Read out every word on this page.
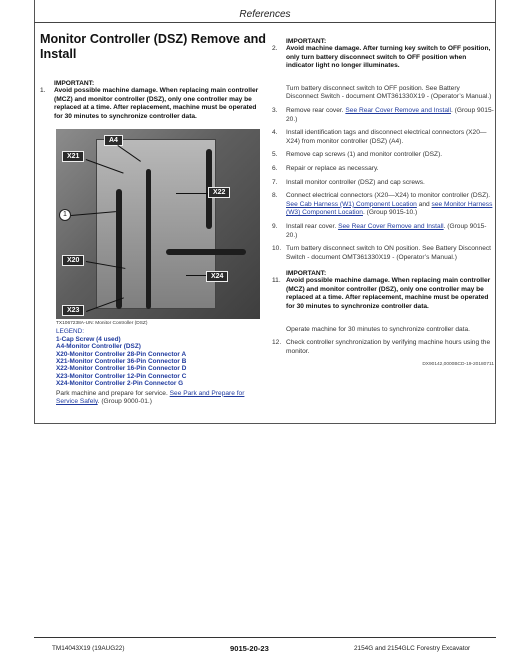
References
Monitor Controller (DSZ) Remove and Install
IMPORTANT:
1. Avoid possible machine damage. When replacing main controller (MCZ) and monitor controller (DSZ), only one controller may be replaced at a time. After replacement, machine must be operated for 30 minutes to synchronize controller data.
A4
X21
X22
X20
X24
X23
1
TX1067238A-UN: Monitor Controller (DSZ)
LEGEND:
1-Cap Screw (4 used)
A4-Monitor Controller (DSZ)
X20-Monitor Controller 28-Pin Connector A
X21-Monitor Controller 36-Pin Connector B
X22-Monitor Controller 16-Pin Connector D
X23-Monitor Controller 12-Pin Connector C
X24-Monitor Controller 2-Pin Connector G
Park machine and prepare for service. See Park and Prepare for Service Safely. (Group 9000-01.)
IMPORTANT:
2. Avoid machine damage. After turning key switch to OFF position, only turn battery disconnect switch to OFF position when indicator light no longer illuminates.
Turn battery disconnect switch to OFF position. See Battery Disconnect Switch - document OMT361330X19 - (Operator’s Manual.)
3. Remove rear cover. See Rear Cover Remove and Install. (Group 9015-20.)
4. Install identification tags and disconnect electrical connectors (X20—X24) from monitor controller (DSZ) (A4).
5. Remove cap screws (1) and monitor controller (DSZ).
6. Repair or replace as necessary.
7. Install monitor controller (DSZ) and cap screws.
8. Connect electrical connectors (X20—X24) to monitor controller (DSZ). See Cab Harness (W1) Component Location and see Monitor Harness (W3) Component Location. (Group 9015-10.)
9. Install rear cover. See Rear Cover Remove and Install. (Group 9015-20.)
10. Turn battery disconnect switch to ON position. See Battery Disconnect Switch - document OMT361330X19 - (Operator’s Manual.)
IMPORTANT:
11. Avoid possible machine damage. When replacing main controller (MCZ) and monitor controller (DSZ), only one controller may be replaced at a time. After replacement, machine must be operated for 30 minutes to synchronize controller data.
Operate machine for 30 minutes to synchronize controller data.
12. Check controller synchronization by verifying machine hours using the monitor.
DX90142,0000BCD-19-20180711
TM14043X19 (19AUG22)	9015-20-23	2154G and 2154GLC Forestry Excavator
